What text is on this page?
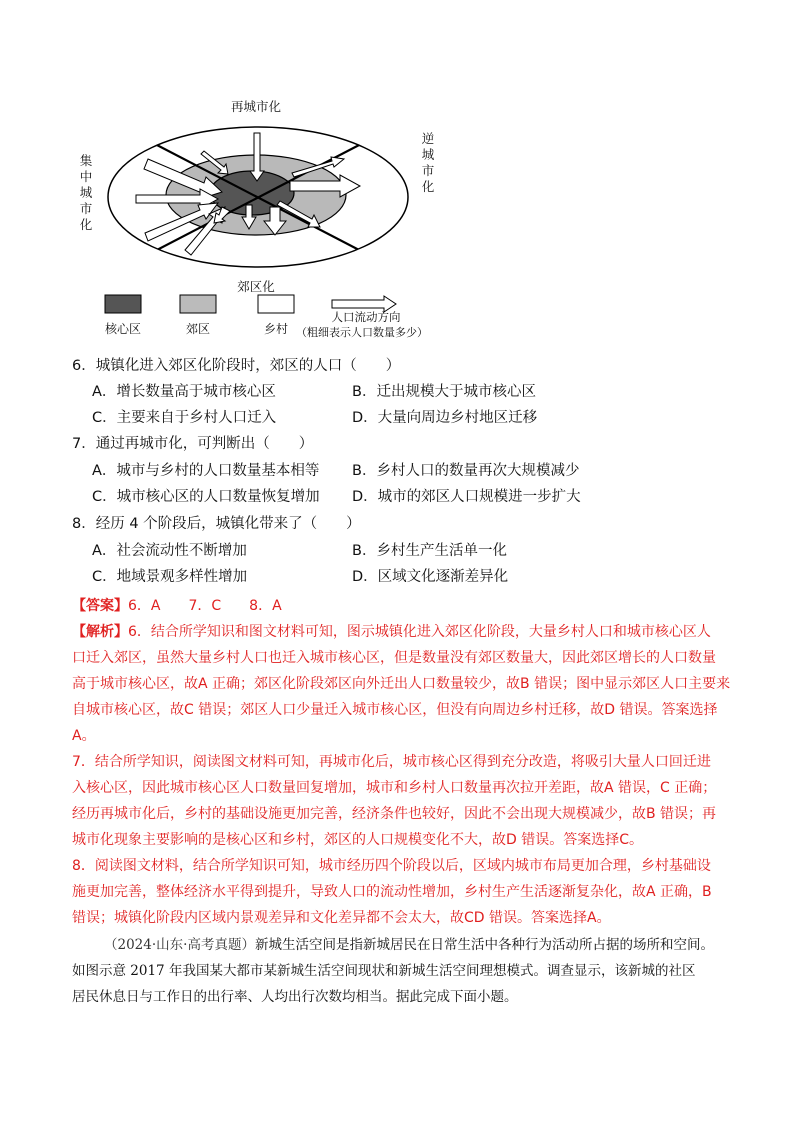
再城市化
郊区化
集中城市化
逆城市化
核心区	郊区	乡村
人口流动方向
（粗细表示人口数量多少）
6．城镇化进入郊区化阶段时，郊区的人口（　　）
A．增长数量高于城市核心区	B．迁出规模大于城市核心区
C．主要来自于乡村人口迁入	D．大量向周边乡村地区迁移
7．通过再城市化，可判断出（　　）
A．城市与乡村的人口数量基本相等 B．乡村人口的数量再次大规模减少
C．城市核心区的人口数量恢复增加 D．城市的郊区人口规模进一步扩大
8．经历 4 个阶段后，城镇化带来了（　　）
A．社会流动性不断增加	B．乡村生产生活单一化
C．地域景观多样性增加	D．区域文化逐渐差异化
【答案】6．A　　7．C　　8．A
【解析】6．结合所学知识和图文材料可知，图示城镇化进入郊区化阶段，大量乡村人口和城市核心区人
口迁入郊区，虽然大量乡村人口也迁入城市核心区，但是数量没有郊区数量大，因此郊区增长的人口数量
高于城市核心区，故A 正确；郊区化阶段郊区向外迁出人口数量较少，故B 错误；图中显示郊区人口主要来
自城市核心区，故C 错误；郊区人口少量迁入城市核心区，但没有向周边乡村迁移，故D 错误。答案选择
A。
7．结合所学知识，阅读图文材料可知，再城市化后，城市核心区得到充分改造，将吸引大量人口回迁进
入核心区，因此城市核心区人口数量回复增加，城市和乡村人口数量再次拉开差距，故A 错误，C 正确；
经历再城市化后，乡村的基础设施更加完善，经济条件也较好，因此不会出现大规模减少，故B 错误；再
城市化现象主要影响的是核心区和乡村，郊区的人口规模变化不大，故D 错误。答案选择C。
8．阅读图文材料，结合所学知识可知，城市经历四个阶段以后，区域内城市布局更加合理，乡村基础设
施更加完善，整体经济水平得到提升，导致人口的流动性增加，乡村生产生活逐渐复杂化，故A 正确，B
错误；城镇化阶段内区域内景观差异和文化差异都不会太大，故CD 错误。答案选择A。
（2024·山东·高考真题）新城生活空间是指新城居民在日常生活中各种行为活动所占据的场所和空间。
如图示意 2017 年我国某大都市某新城生活空间现状和新城生活空间理想模式。调查显示，该新城的社区
居民休息日与工作日的出行率、人均出行次数均相当。据此完成下面小题。
